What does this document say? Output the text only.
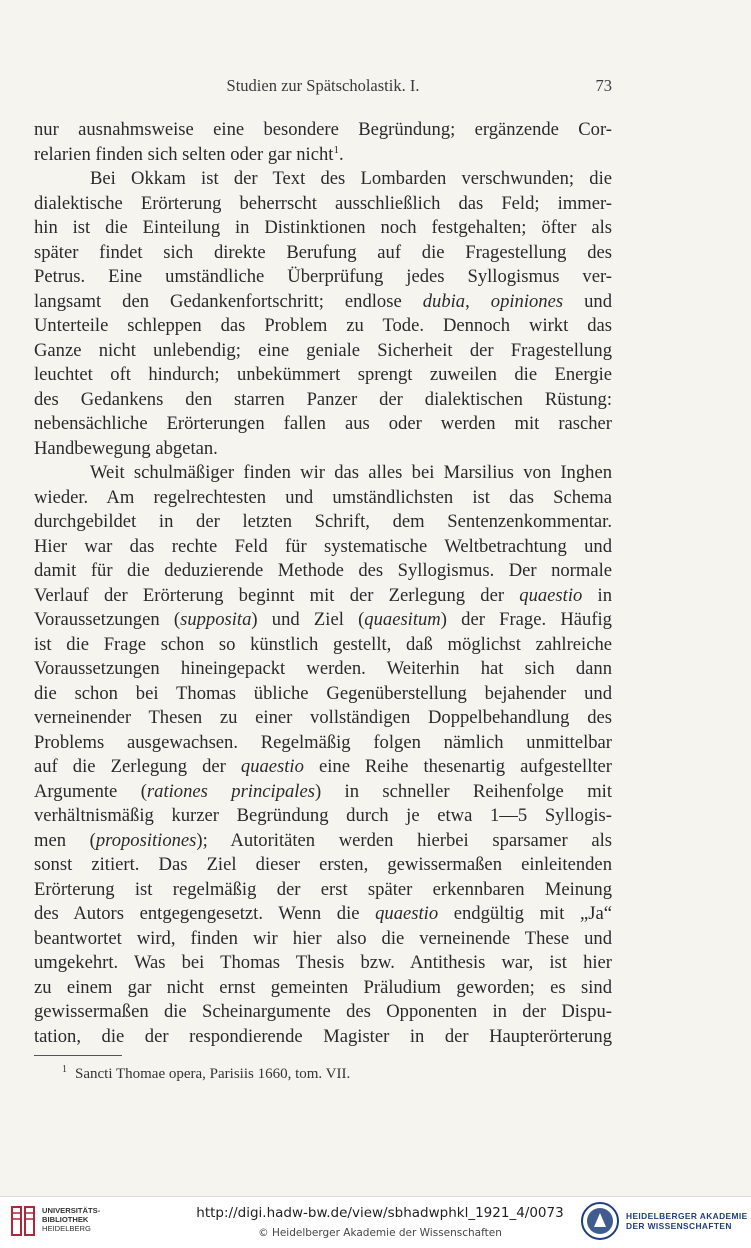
Studien zur Spätscholastik. I.	73
nur ausnahmsweise eine besondere Begründung; ergänzende Cor-
relarien finden sich selten oder gar nicht$^1$.
Bei Okkam ist der Text des Lombarden verschwunden; die
dialektische Erörterung beherrscht ausschließlich das Feld; immer-
hin ist die Einteilung in Distinktionen noch festgehalten; öfter als
später findet sich direkte Berufung auf die Fragestellung des
Petrus. Eine umständliche Überprüfung jedes Syllogismus ver-
langsamt den Gedankenfortschritt; endlose dubia, opiniones und
Unterteile schleppen das Problem zu Tode. Dennoch wirkt das
Ganze nicht unlebendig; eine geniale Sicherheit der Fragestellung
leuchtet oft hindurch; unbekümmert sprengt zuweilen die Energie
des Gedankens den starren Panzer der dialektischen Rüstung:
nebensächliche Erörterungen fallen aus oder werden mit rascher
Handbewegung abgetan.
Weit schulmäßiger finden wir das alles bei Marsilius von Inghen
wieder. Am regelrechtesten und umständlichsten ist das Schema
durchgebildet in der letzten Schrift, dem Sentenzenkommentar.
Hier war das rechte Feld für systematische Weltbetrachtung und
damit für die deduzierende Methode des Syllogismus. Der normale
Verlauf der Erörterung beginnt mit der Zerlegung der quaestio in
Voraussetzungen (supposita) und Ziel (quaesitum) der Frage. Häufig
ist die Frage schon so künstlich gestellt, daß möglichst zahlreiche
Voraussetzungen hineingepackt werden. Weiterhin hat sich dann
die schon bei Thomas übliche Gegenüberstellung bejahender und
verneinender Thesen zu einer vollständigen Doppelbehandlung des
Problems ausgewachsen. Regelmäßig folgen nämlich unmittelbar
auf die Zerlegung der quaestio eine Reihe thesenartig aufgestellter
Argumente (rationes principales) in schneller Reihenfolge mit
verhältnismäßig kurzer Begründung durch je etwa 1—5 Syllogis-
men (propositiones); Autoritäten werden hierbei sparsamer als
sonst zitiert. Das Ziel dieser ersten, gewissermaßen einleitenden
Erörterung ist regelmäßig der erst später erkennbaren Meinung
des Autors entgegengesetzt. Wenn die quaestio endgültig mit „Ja“
beantwortet wird, finden wir hier also die verneinende These und
umgekehrt. Was bei Thomas Thesis bzw. Antithesis war, ist hier
zu einem gar nicht ernst gemeinten Präludium geworden; es sind
gewissermaßen die Scheinargumente des Opponenten in der Dispu-
tation, die der respondierende Magister in der Haupterörterung
$^1$ Sancti Thomae opera, Parisiis 1660, tom. VII.
UNIVERSITÄTS-
BIBLIOTHEK
HEIDELBERG
http://digi.hadw-bw.de/view/sbhadwphkl_1921_4/0073
© Heidelberger Akademie der Wissenschaften
HEIDELBERGER AKADEMIE
DER WISSENSCHAFTEN
